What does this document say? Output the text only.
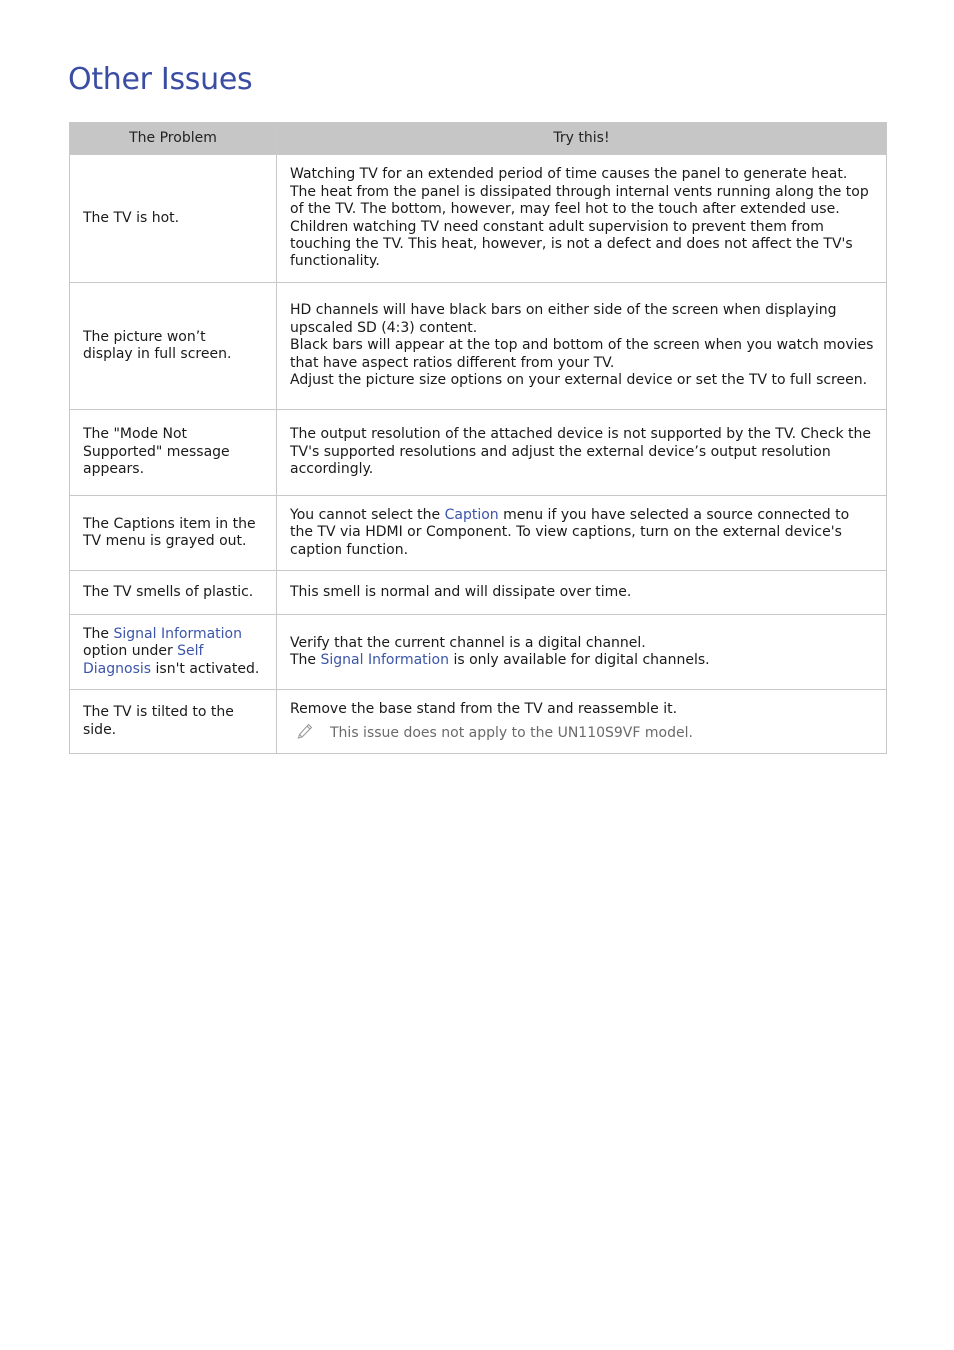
Other Issues
The Problem	Try this!
The TV is hot.	Watching TV for an extended period of time causes the panel to generate heat. The heat from the panel is dissipated through internal vents running along the top of the TV. The bottom, however, may feel hot to the touch after extended use. Children watching TV need constant adult supervision to prevent them from touching the TV. This heat, however, is not a defect and does not affect the TV's functionality.
The picture won’t display in full screen.	HD channels will have black bars on either side of the screen when displaying upscaled SD (4:3) content.
Black bars will appear at the top and bottom of the screen when you watch movies that have aspect ratios different from your TV.
Adjust the picture size options on your external device or set the TV to full screen.

The "Mode Not Supported" message appears.	The output resolution of the attached device is not supported by the TV. Check the TV's supported resolutions and adjust the external device’s output resolution accordingly.
The Captions item in the TV menu is grayed out.	You cannot select the Caption menu if you have selected a source connected to the TV via HDMI or Component. To view captions, turn on the external device's caption function.
The TV smells of plastic.	This smell is normal and will dissipate over time.
The Signal Information option under Self Diagnosis isn't activated.	Verify that the current channel is a digital channel.
The Signal Information is only available for digital channels.

The TV is tilted to the side.	Remove the base stand from the TV and reassemble it.
This issue does not apply to the UN110S9VF model.
